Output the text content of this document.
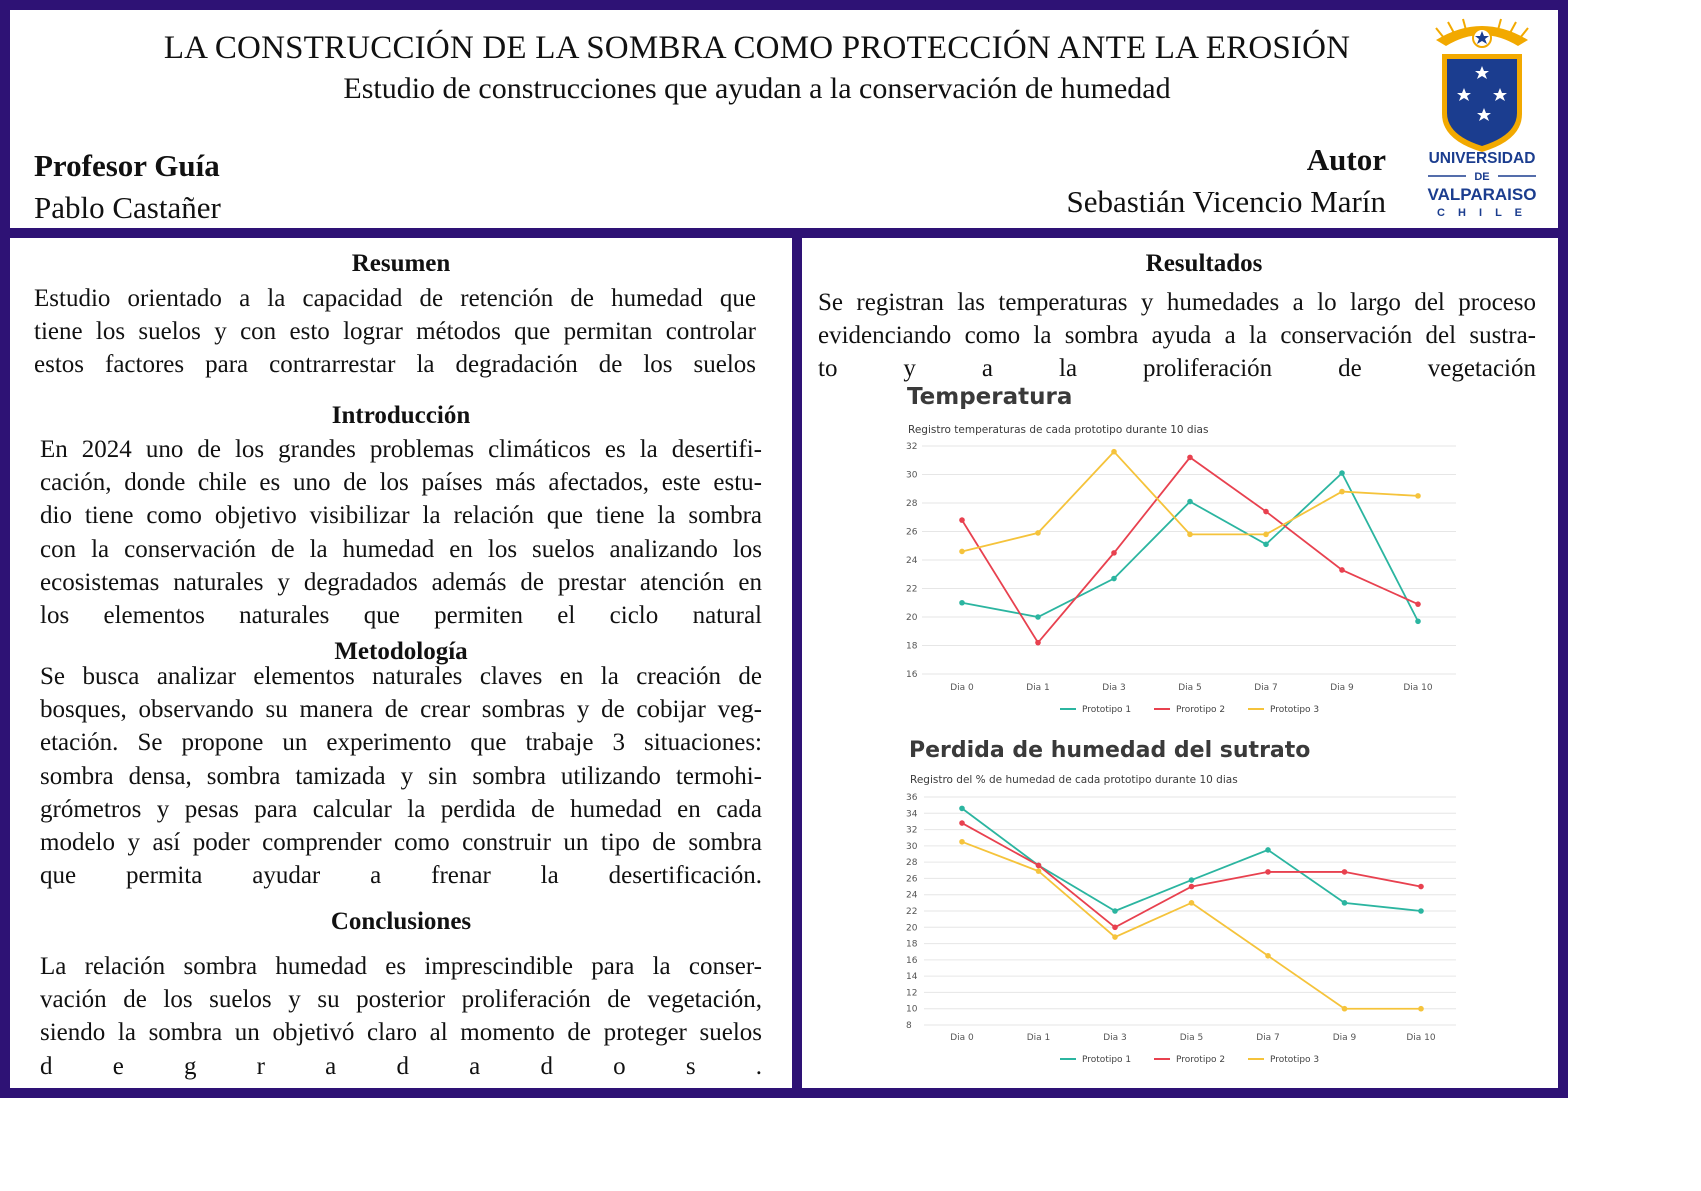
LA CONSTRUCCIÓN DE LA SOMBRA COMO PROTECCIÓN ANTE LA EROSIÓN
Estudio de construcciones que ayudan a la conservación de humedad
Profesor Guía
Pablo Castañer
Autor
Sebastián Vicencio Marín
UNIVERSIDAD
DE
VALPARAISO
C H I L E
Resumen
Estudio orientado a la capacidad de retención de humedad que
tiene los suelos y con esto lograr métodos que permitan controlar
estos factores para contrarrestar la degradación de los suelos
Introducción
En 2024 uno de los grandes problemas climáticos es la desertifi-
cación, donde chile es uno de los países más afectados, este estu-
dio tiene como objetivo visibilizar la relación que tiene la sombra
con la conservación de la humedad en los suelos analizando los
ecosistemas naturales y degradados además de prestar atención en
los elementos naturales que permiten el ciclo natural
Metodología
Se busca analizar elementos naturales claves en la creación de
bosques, observando su manera de crear sombras y de cobijar veg-
etación. Se propone un experimento que trabaje 3 situaciones:
sombra densa, sombra tamizada y sin sombra utilizando termohi-
grómetros y pesas para calcular la perdida de humedad en cada
modelo y así poder comprender como construir un tipo de sombra
que permita ayudar a frenar la desertificación.
Conclusiones
La relación sombra humedad es imprescindible para la conser-
vación de los suelos y su posterior proliferación de vegetación,
siendo la sombra un objetivó claro al momento de proteger suelos
d e g r a d a d o s .
Resultados
Se registran las temperaturas y humedades a lo largo del proceso
evidenciando como la sombra ayuda a la conservación del sustra-
to y a la proliferación de vegetación
Temperatura
Registro temperaturas de cada prototipo durante 10 dias
16
18
20
22
24
26
28
30
32
Dia 0	Dia 1	Dia 3	Dia 5	Dia 7	Dia 9	Dia 10
Prototipo 1	Prorotipo 2	Prototipo 3
Perdida de humedad del sutrato
Registro del % de humedad de cada prototipo durante 10 dias
8
10
12
14
16
18
20
22
24
26
28
30
32
34
36
Dia 0	Dia 1	Dia 3	Dia 5	Dia 7	Dia 9	Dia 10
Prototipo 1	Prorotipo 2	Prototipo 3
